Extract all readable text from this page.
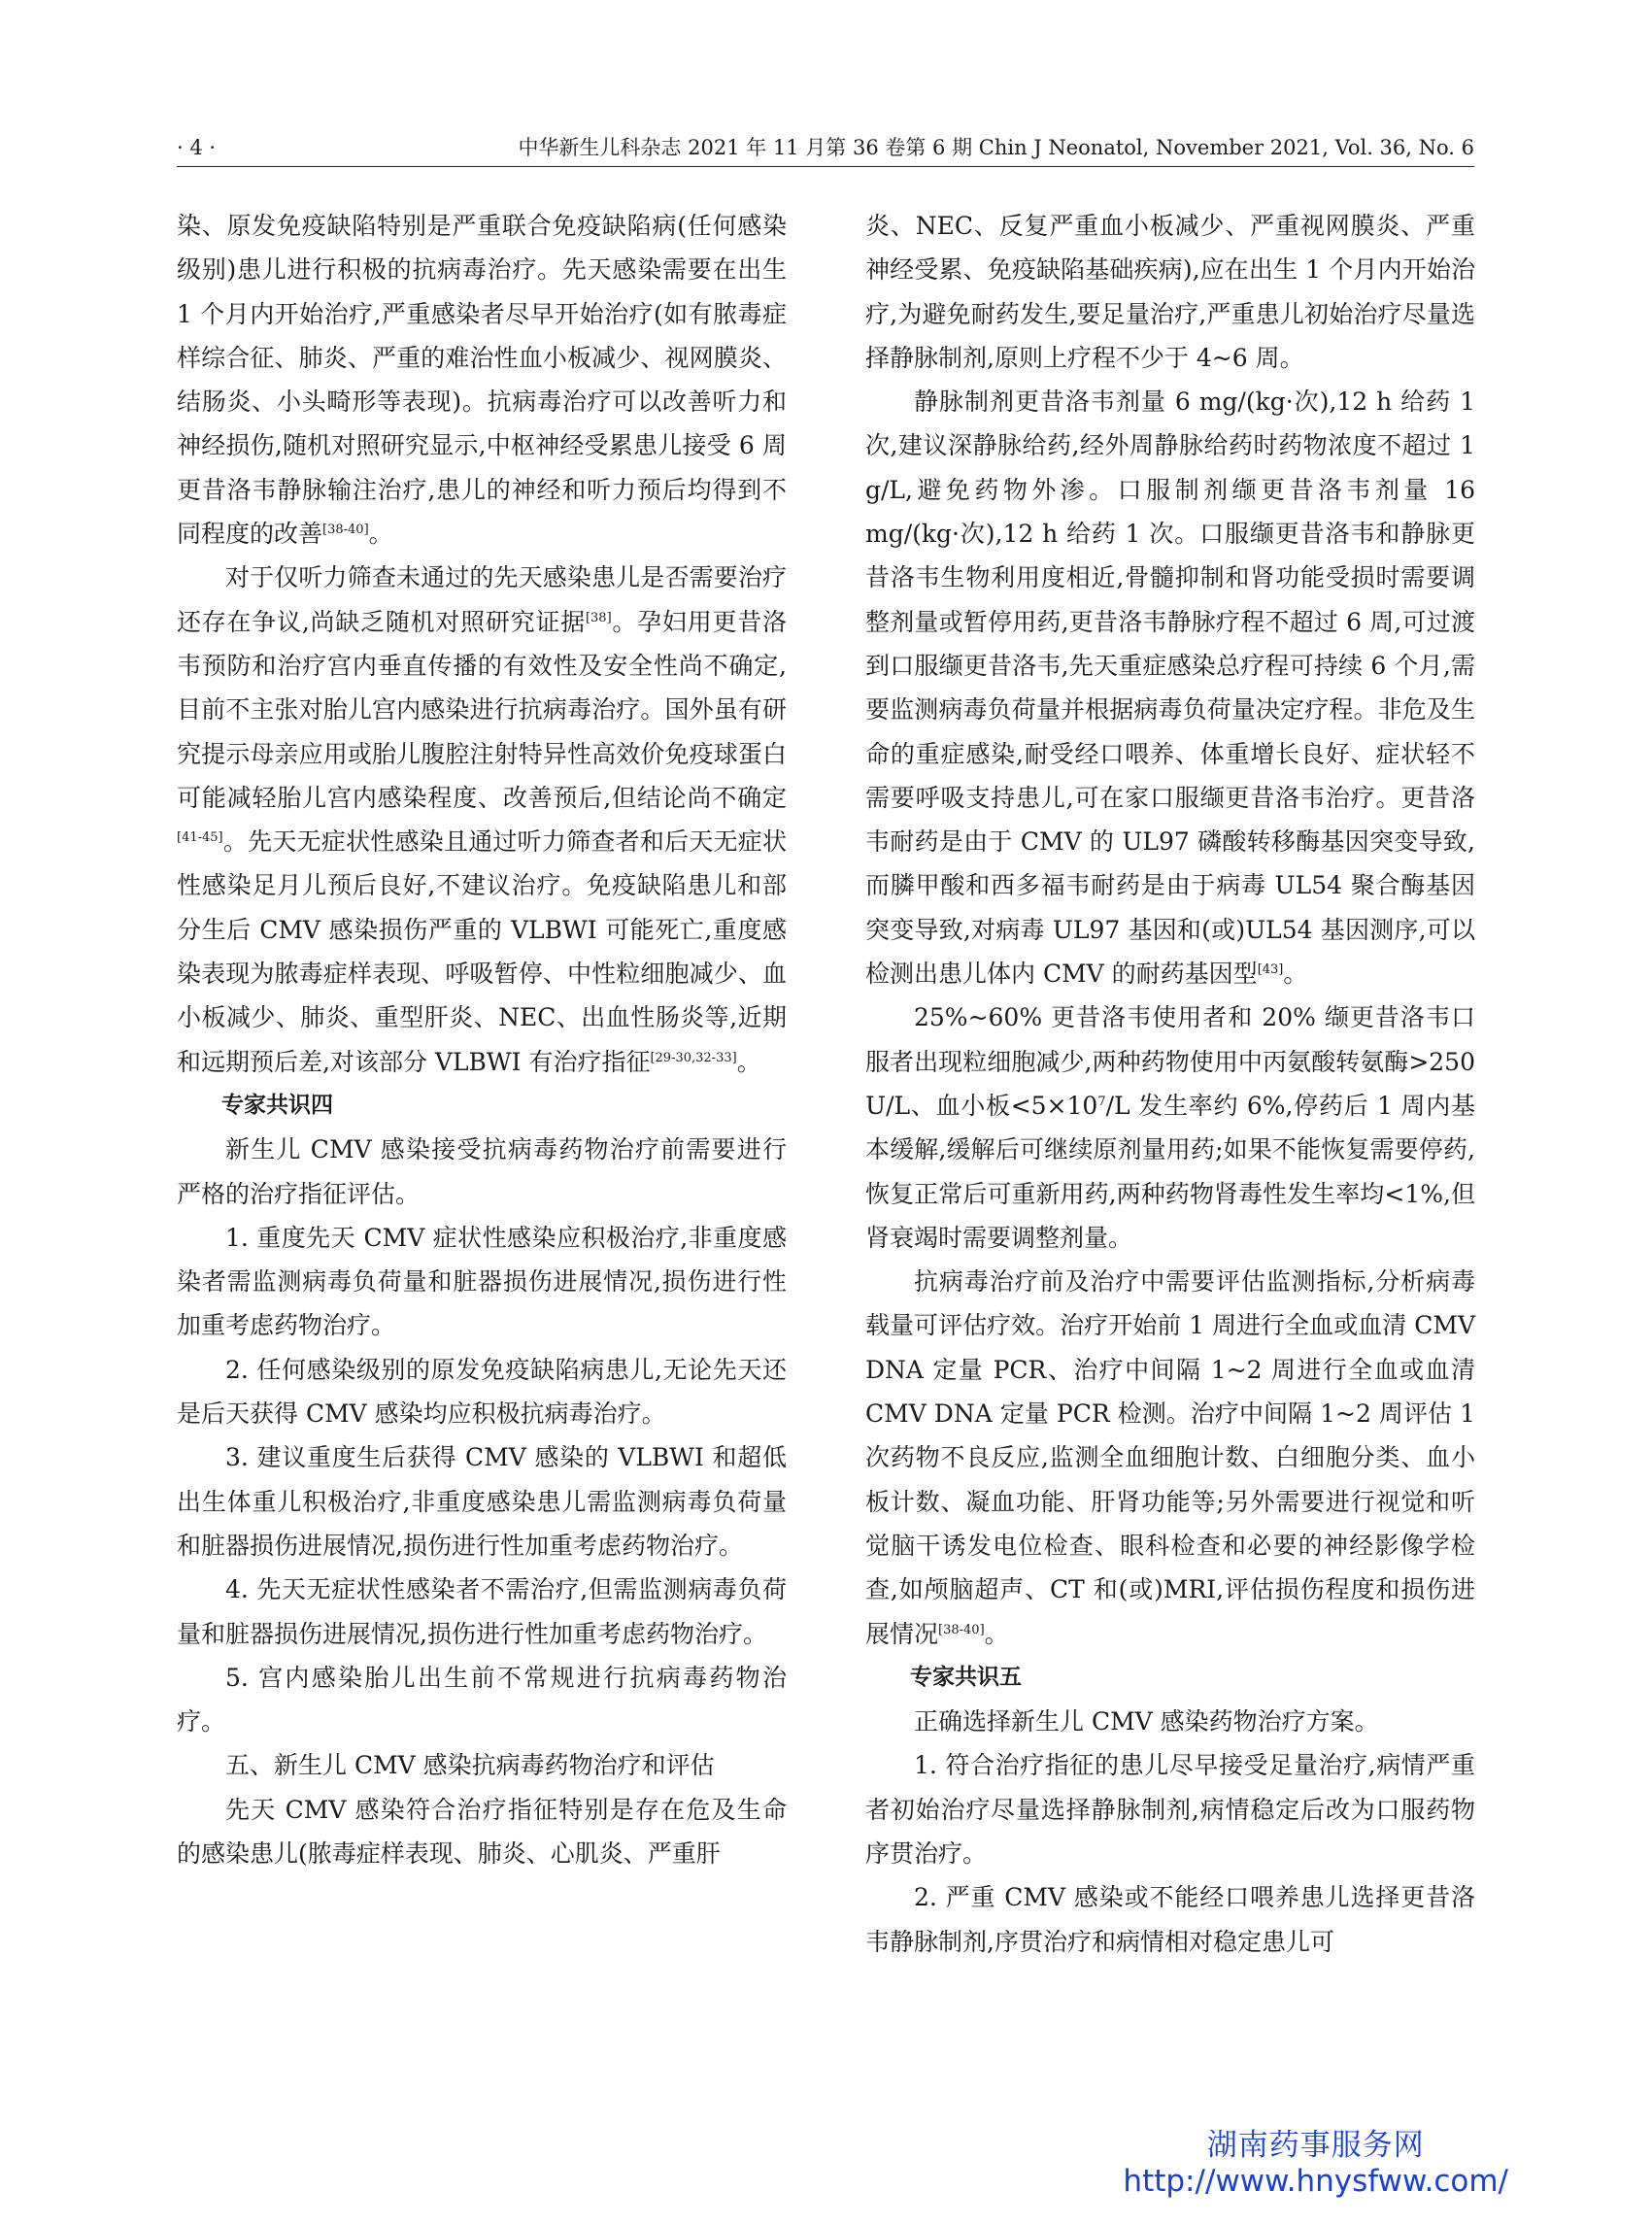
· 4 ·	中华新生儿科杂志 2021 年 11 月第 36 卷第 6 期 Chin J Neonatol, November 2021, Vol. 36, No. 6

染、原发免疫缺陷特别是严重联合免疫缺陷病(任何感染级别)患儿进行积极的抗病毒治疗。先天感染需要在出生 1 个月内开始治疗,严重感染者尽早开始治疗(如有脓毒症样综合征、肺炎、严重的难治性血小板减少、视网膜炎、结肠炎、小头畸形等表现)。抗病毒治疗可以改善听力和神经损伤,随机对照研究显示,中枢神经受累患儿接受 6 周更昔洛韦静脉输注治疗,患儿的神经和听力预后均得到不同程度的改善[38-40]。

对于仅听力筛查未通过的先天感染患儿是否需要治疗还存在争议,尚缺乏随机对照研究证据[38]。孕妇用更昔洛韦预防和治疗宫内垂直传播的有效性及安全性尚不确定,目前不主张对胎儿宫内感染进行抗病毒治疗。国外虽有研究提示母亲应用或胎儿腹腔注射特异性高效价免疫球蛋白可能减轻胎儿宫内感染程度、改善预后,但结论尚不确定[41-45]。先天无症状性感染且通过听力筛查者和后天无症状性感染足月儿预后良好,不建议治疗。免疫缺陷患儿和部分生后 CMV 感染损伤严重的 VLBWI 可能死亡,重度感染表现为脓毒症样表现、呼吸暂停、中性粒细胞减少、血小板减少、肺炎、重型肝炎、NEC、出血性肠炎等,近期和远期预后差,对该部分 VLBWI 有治疗指征[29-30,32-33]。

专家共识四

新生儿 CMV 感染接受抗病毒药物治疗前需要进行严格的治疗指征评估。

1. 重度先天 CMV 症状性感染应积极治疗,非重度感染者需监测病毒负荷量和脏器损伤进展情况,损伤进行性加重考虑药物治疗。

2. 任何感染级别的原发免疫缺陷病患儿,无论先天还是后天获得 CMV 感染均应积极抗病毒治疗。

3. 建议重度生后获得 CMV 感染的 VLBWI 和超低出生体重儿积极治疗,非重度感染患儿需监测病毒负荷量和脏器损伤进展情况,损伤进行性加重考虑药物治疗。

4. 先天无症状性感染者不需治疗,但需监测病毒负荷量和脏器损伤进展情况,损伤进行性加重考虑药物治疗。

5. 宫内感染胎儿出生前不常规进行抗病毒药物治疗。

五、新生儿 CMV 感染抗病毒药物治疗和评估

先天 CMV 感染符合治疗指征特别是存在危及生命的感染患儿(脓毒症样表现、肺炎、心肌炎、严重肝

炎、NEC、反复严重血小板减少、严重视网膜炎、严重神经受累、免疫缺陷基础疾病),应在出生 1 个月内开始治疗,为避免耐药发生,要足量治疗,严重患儿初始治疗尽量选择静脉制剂,原则上疗程不少于 4~6 周。

静脉制剂更昔洛韦剂量 6 mg/(kg·次),12 h 给药 1 次,建议深静脉给药,经外周静脉给药时药物浓度不超过 1 g/L,避免药物外渗。口服制剂缬更昔洛韦剂量 16 mg/(kg·次),12 h 给药 1 次。口服缬更昔洛韦和静脉更昔洛韦生物利用度相近,骨髓抑制和肾功能受损时需要调整剂量或暂停用药,更昔洛韦静脉疗程不超过 6 周,可过渡到口服缬更昔洛韦,先天重症感染总疗程可持续 6 个月,需要监测病毒负荷量并根据病毒负荷量决定疗程。非危及生命的重症感染,耐受经口喂养、体重增长良好、症状轻不需要呼吸支持患儿,可在家口服缬更昔洛韦治疗。更昔洛韦耐药是由于 CMV 的 UL97 磷酸转移酶基因突变导致,而膦甲酸和西多福韦耐药是由于病毒 UL54 聚合酶基因突变导致,对病毒 UL97 基因和(或)UL54 基因测序,可以检测出患儿体内 CMV 的耐药基因型[43]。

25%~60% 更昔洛韦使用者和 20% 缬更昔洛韦口服者出现粒细胞减少,两种药物使用中丙氨酸转氨酶>250 U/L、血小板$<5\times 10^7/L$ 发生率约 6%,停药后 1 周内基本缓解,缓解后可继续原剂量用药;如果不能恢复需要停药,恢复正常后可重新用药,两种药物肾毒性发生率均<1%,但肾衰竭时需要调整剂量。

抗病毒治疗前及治疗中需要评估监测指标,分析病毒载量可评估疗效。治疗开始前 1 周进行全血或血清 CMV DNA 定量 PCR、治疗中间隔 1~2 周进行全血或血清 CMV DNA 定量 PCR 检测。治疗中间隔 1~2 周评估 1 次药物不良反应,监测全血细胞计数、白细胞分类、血小板计数、凝血功能、肝肾功能等;另外需要进行视觉和听觉脑干诱发电位检查、眼科检查和必要的神经影像学检查,如颅脑超声、CT 和(或)MRI,评估损伤程度和损伤进展情况[38-40]。

专家共识五

正确选择新生儿 CMV 感染药物治疗方案。

1. 符合治疗指征的患儿尽早接受足量治疗,病情严重者初始治疗尽量选择静脉制剂,病情稳定后改为口服药物序贯治疗。

2. 严重 CMV 感染或不能经口喂养患儿选择更昔洛韦静脉制剂,序贯治疗和病情相对稳定患儿可

湖南药事服务网
http://www.hnysfww.com/
